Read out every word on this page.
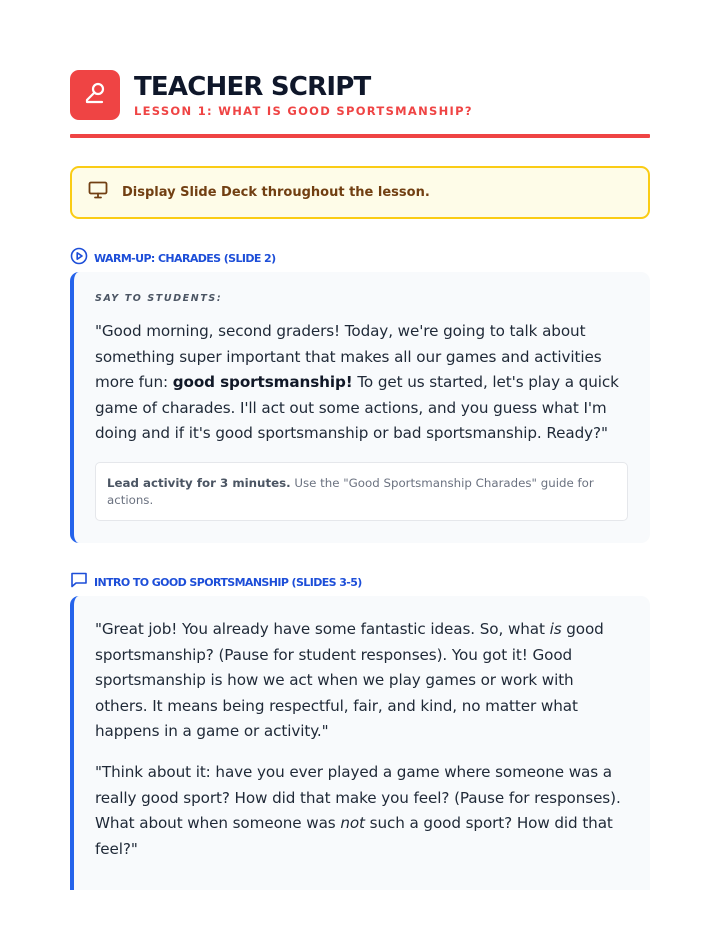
TEACHER SCRIPT
LESSON 1: WHAT IS GOOD SPORTSMANSHIP?
Display Slide Deck throughout the lesson.
WARM-UP: CHARADES (SLIDE 2)
SAY TO STUDENTS:

"Good morning, second graders! Today, we're going to talk about something super important that makes all our games and activities more fun: good sportsmanship! To get us started, let's play a quick game of charades. I'll act out some actions, and you guess what I'm doing and if it's good sportsmanship or bad sportsmanship. Ready?"

Lead activity for 3 minutes. Use the "Good Sportsmanship Charades" guide for actions.
INTRO TO GOOD SPORTSMANSHIP (SLIDES 3-5)

"Great job! You already have some fantastic ideas. So, what is good sportsmanship? (Pause for student responses). You got it! Good sportsmanship is how we act when we play games or work with others. It means being respectful, fair, and kind, no matter what happens in a game or activity."

"Think about it: have you ever played a game where someone was a really good sport? How did that make you feel? (Pause for responses). What about when someone was not such a good sport? How did that feel?"
